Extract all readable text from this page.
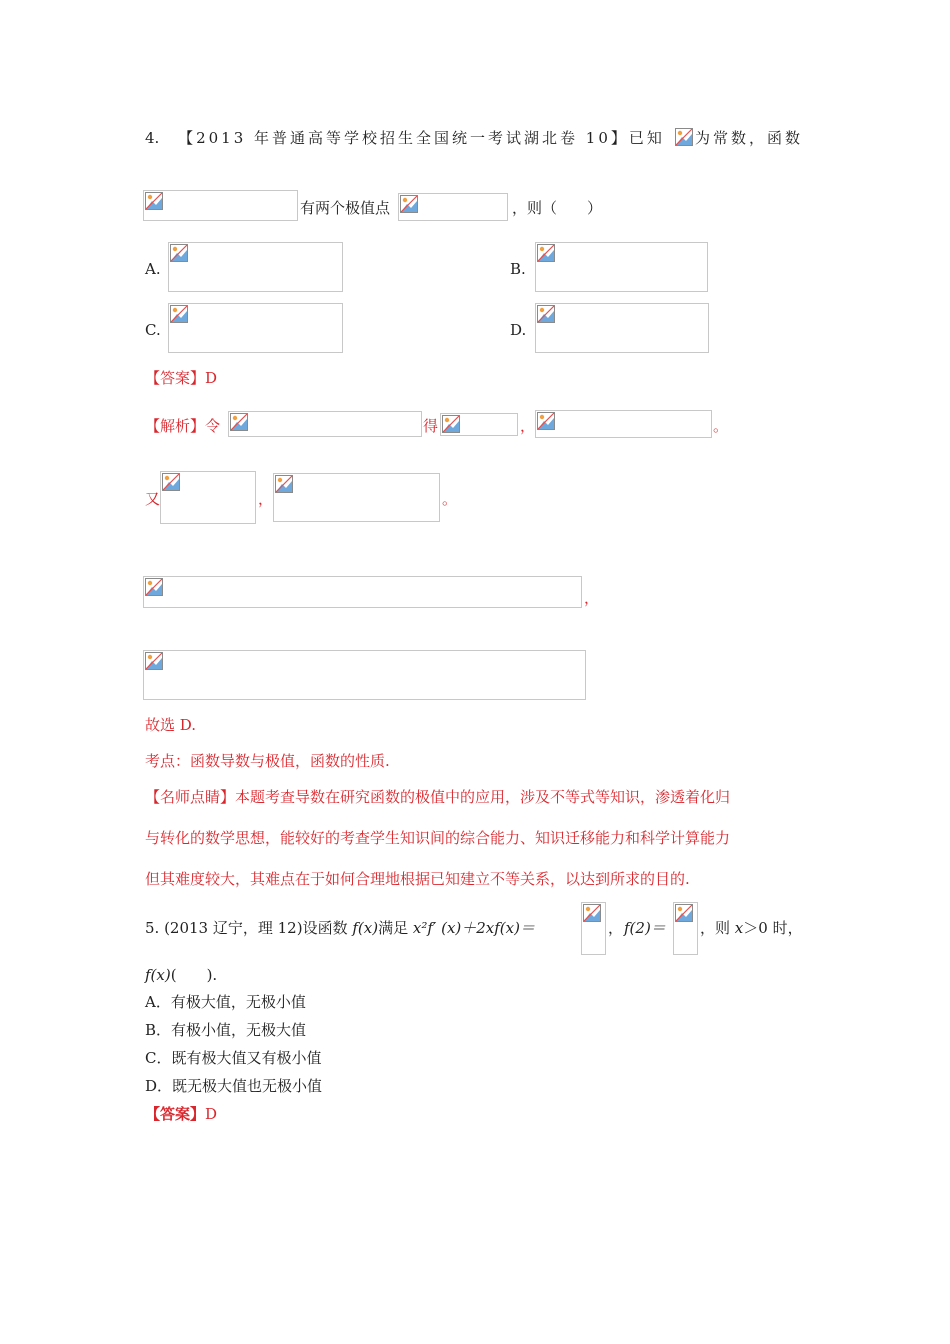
4. 【2013 年普通高等学校招生全国统一考试湖北卷 10】已知 为常数，函数
有两个极值点	，则（　　）
A.	B.
C.	D.
【答案】D
【解析】令	得	，	。
又	，	。
，
故选 D.
考点：函数导数与极值，函数的性质.
【名师点睛】本题考查导数在研究函数的极值中的应用，涉及不等式等知识，渗透着化归
与转化的数学思想，能较好的考查学生知识间的综合能力、知识迁移能力和科学计算能力
但其难度较大，其难点在于如何合理地根据已知建立不等关系，以达到所求的目的.
5. (2013 辽宁，理 12)设函数 f(x)满足 x²f′ (x)＋2xf(x)＝	， f(2)＝ ，则 x＞0 时，
f(x)(　　).
A．有极大值，无极小值
B．有极小值，无极大值
C．既有极大值又有极小值
D．既无极大值也无极小值
【答案】D
